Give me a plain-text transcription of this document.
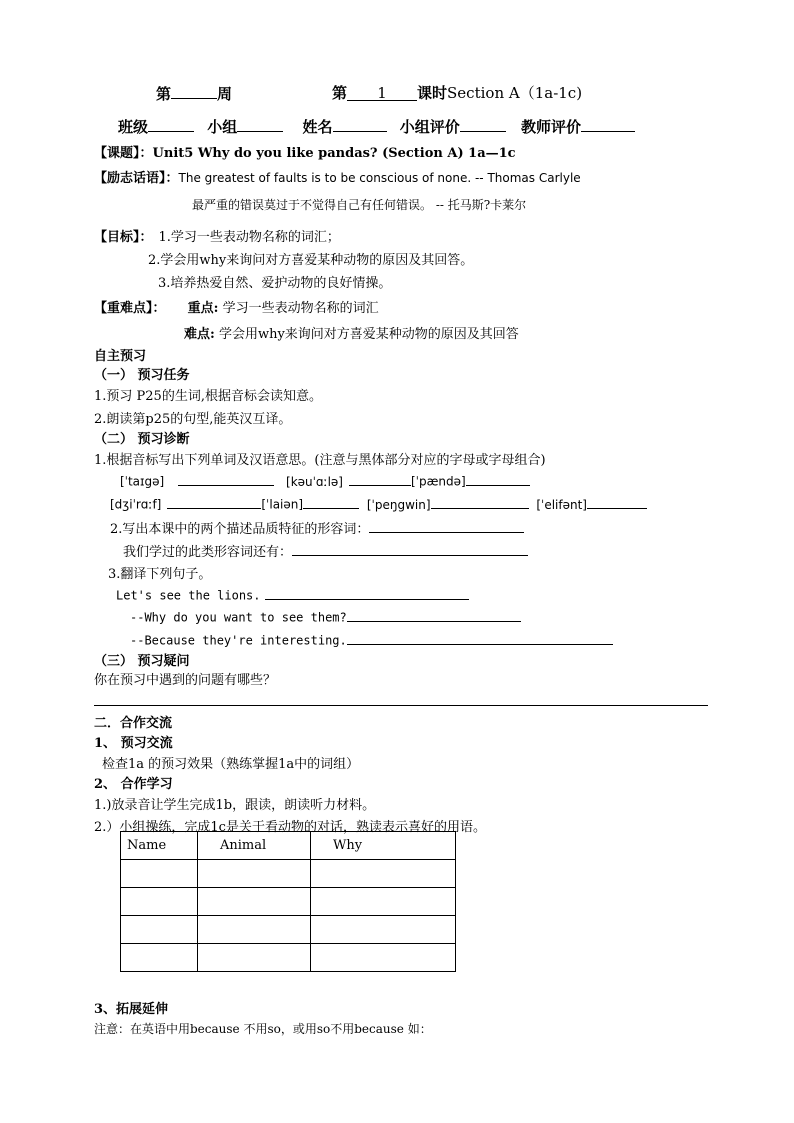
第	周	第 1 课时Section A（1a-1c)
班级	小组	姓名	小组评价	教师评价
【课题】：Unit5 Why do you like pandas? (Section A) 1a—1c
【励志话语】：The greatest of faults is to be conscious of none. -- Thomas Carlyle
最严重的错误莫过于不觉得自己有任何错误。 -- 托马斯?卡莱尔
【目标】： 1.学习一些表动物名称的词汇；
2.学会用why来询问对方喜爱某种动物的原因及其回答。
3.培养热爱自然、爱护动物的良好情操。
【重难点】： 重点: 学习一些表动物名称的词汇
难点: 学会用why来询问对方喜爱某种动物的原因及其回答
自主预习
（一） 预习任务
1.预习 P25的生词,根据音标会读知意。
2.朗读第p25的句型,能英汉互译。
（二） 预习诊断
1.根据音标写出下列单词及汉语意思。(注意与黑体部分对应的字母或字母组合)
[ˈtaɪgə]	[kəuˈɑːlə]	[ˈpændə]
[dʒiˈrɑːf]	[ˈlaiən]	[ˈpeŋgwin]	[ˈelifənt]
2.写出本课中的两个描述品质特征的形容词：
我们学过的此类形容词还有：
3.翻译下列句子。
Let's see the lions.
--Why do you want to see them?
--Because they're interesting.
（三） 预习疑问
你在预习中遇到的问题有哪些？
二．合作交流
1、 预习交流
检查1a 的预习效果（熟练掌握1a中的词组）
2、 合作学习
1.)放录音让学生完成1b，跟读，朗读听力材料。
2.）小组操练，完成1c是关于看动物的对话，熟读表示喜好的用语。
Name	Animal	Why

3、拓展延伸
注意：在英语中用because 不用so，或用so不用because 如：
